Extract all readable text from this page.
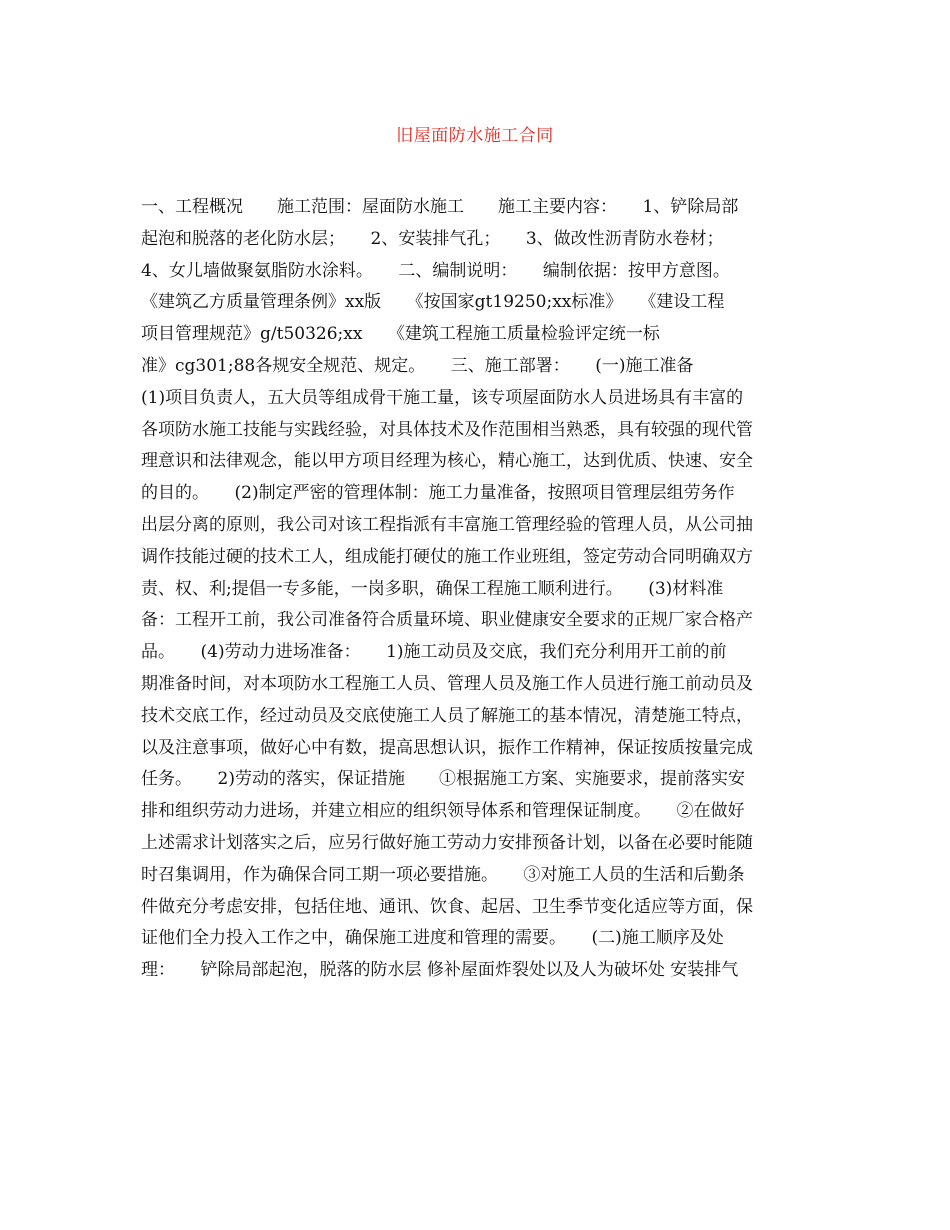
旧屋面防水施工合同
一、工程概况　　施工范围：屋面防水施工　　施工主要内容：　　1、铲除局部
起泡和脱落的老化防水层；　　2、安装排气孔；　　3、做改性沥青防水卷材；
4、女儿墙做聚氨脂防水涂料。　　二、编制说明：　　编制依据：按甲方意图。
《建筑乙方质量管理条例》xx版　　《按国家gt19250;xx标准》　　《建设工程
项目管理规范》g/t50326;xx　　《建筑工程施工质量检验评定统一标
准》cg301;88各规安全规范、规定。　　三、施工部署：　　(一)施工准备
(1)项目负责人，五大员等组成骨干施工量，该专项屋面防水人员进场具有丰富的
各项防水施工技能与实践经验，对具体技术及作范围相当熟悉，具有较强的现代管
理意识和法律观念，能以甲方项目经理为核心，精心施工，达到优质、快速、安全
的目的。　　(2)制定严密的管理体制：施工力量准备，按照项目管理层组劳务作
出层分离的原则，我公司对该工程指派有丰富施工管理经验的管理人员，从公司抽
调作技能过硬的技术工人，组成能打硬仗的施工作业班组，签定劳动合同明确双方
责、权、利;提倡一专多能，一岗多职，确保工程施工顺利进行。　　(3)材料准
备：工程开工前，我公司准备符合质量环境、职业健康安全要求的正规厂家合格产
品。　　(4)劳动力进场准备：　　1)施工动员及交底，我们充分利用开工前的前
期准备时间，对本项防水工程施工人员、管理人员及施工作人员进行施工前动员及
技术交底工作，经过动员及交底使施工人员了解施工的基本情况，清楚施工特点，
以及注意事项，做好心中有数，提高思想认识，振作工作精神，保证按质按量完成
任务。　　2)劳动的落实，保证措施　　①根据施工方案、实施要求，提前落实安
排和组织劳动力进场，并建立相应的组织领导体系和管理保证制度。　　②在做好
上述需求计划落实之后，应另行做好施工劳动力安排预备计划，以备在必要时能随
时召集调用，作为确保合同工期一项必要措施。　　③对施工人员的生活和后勤条
件做充分考虑安排，包括住地、通讯、饮食、起居、卫生季节变化适应等方面，保
证他们全力投入工作之中，确保施工进度和管理的需要。　　(二)施工顺序及处
理：　　铲除局部起泡，脱落的防水层 修补屋面炸裂处以及人为破坏处 安装排气
